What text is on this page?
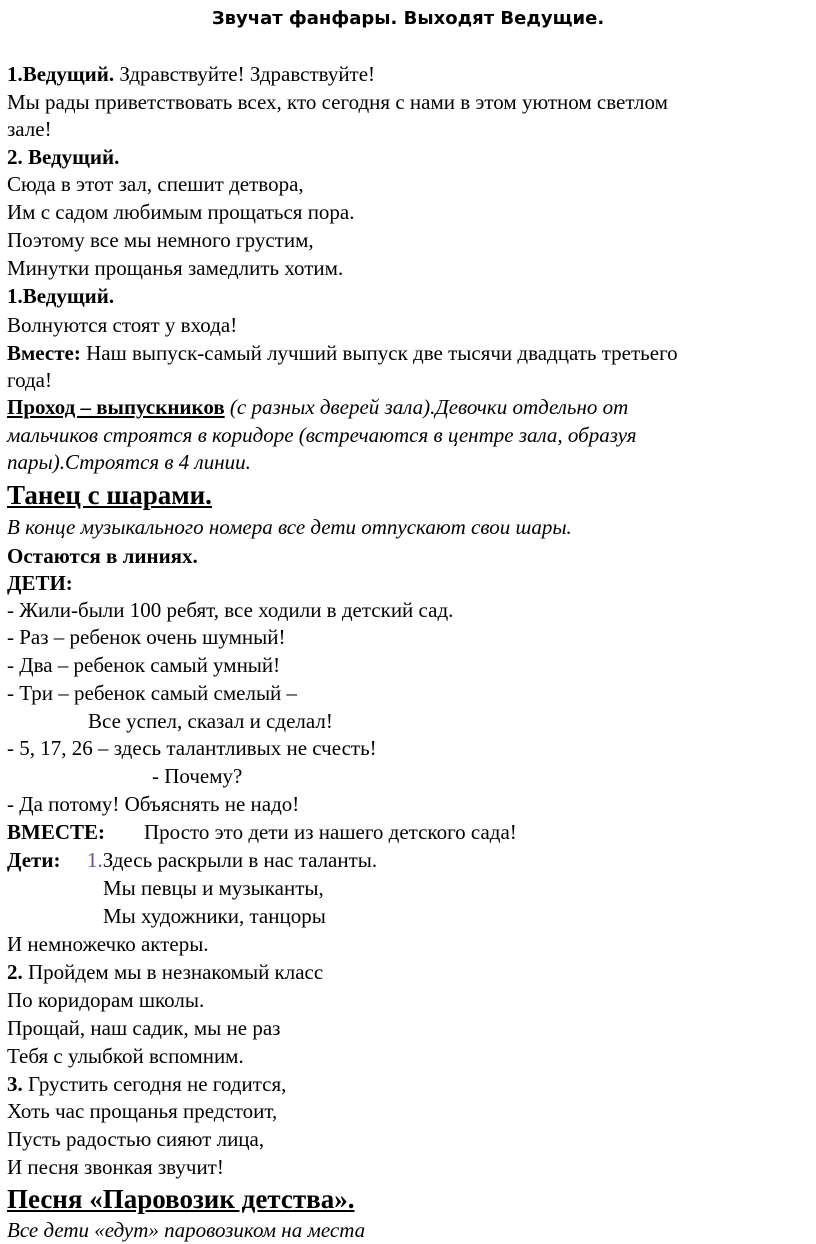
Звучат фанфары. Выходят Ведущие.
1.Ведущий. Здравствуйте! Здравствуйте!
Мы рады приветствовать всех, кто сегодня с нами в этом уютном светлом
зале!
2. Ведущий.
Сюда в этот зал, спешит детвора,
Им с садом любимым прощаться пора.
Поэтому все мы немного грустим,
Минутки прощанья замедлить хотим.
1.Ведущий.
Волнуются стоят у входа!
Вместе: Наш выпуск-самый лучший выпуск две тысячи двадцать третьего
года!
Проход – выпускников (с разных дверей зала).Девочки отдельно от
мальчиков строятся в коридоре (встречаются в центре зала, образуя
пары).Строятся в 4 линии.
Танец с шарами.
В конце музыкального номера все дети отпускают свои шары.
Остаются в линиях.
ДЕТИ:
- Жили-были 100 ребят, все ходили в детский сад.
- Раз – ребенок очень шумный!
- Два – ребенок самый умный!
- Три – ребенок самый смелый –
Все успел, сказал и сделал!
- 5, 17, 26 – здесь талантливых не счесть!
- Почему?
- Да потому! Объяснять не надо!
ВМЕСТЕ: Просто это дети из нашего детского сада!
Дети: 1.Здесь раскрыли в нас таланты.
Мы певцы и музыканты,
Мы художники, танцоры
И немножечко актеры.
2. Пройдем мы в незнакомый класс
По коридорам школы.
Прощай, наш садик, мы не раз
Тебя с улыбкой вспомним.
3. Грустить сегодня не годится,
Хоть час прощанья предстоит,
Пусть радостью сияют лица,
И песня звонкая звучит!
Песня «Паровозик детства».
Все дети «едут» паровозиком на места
